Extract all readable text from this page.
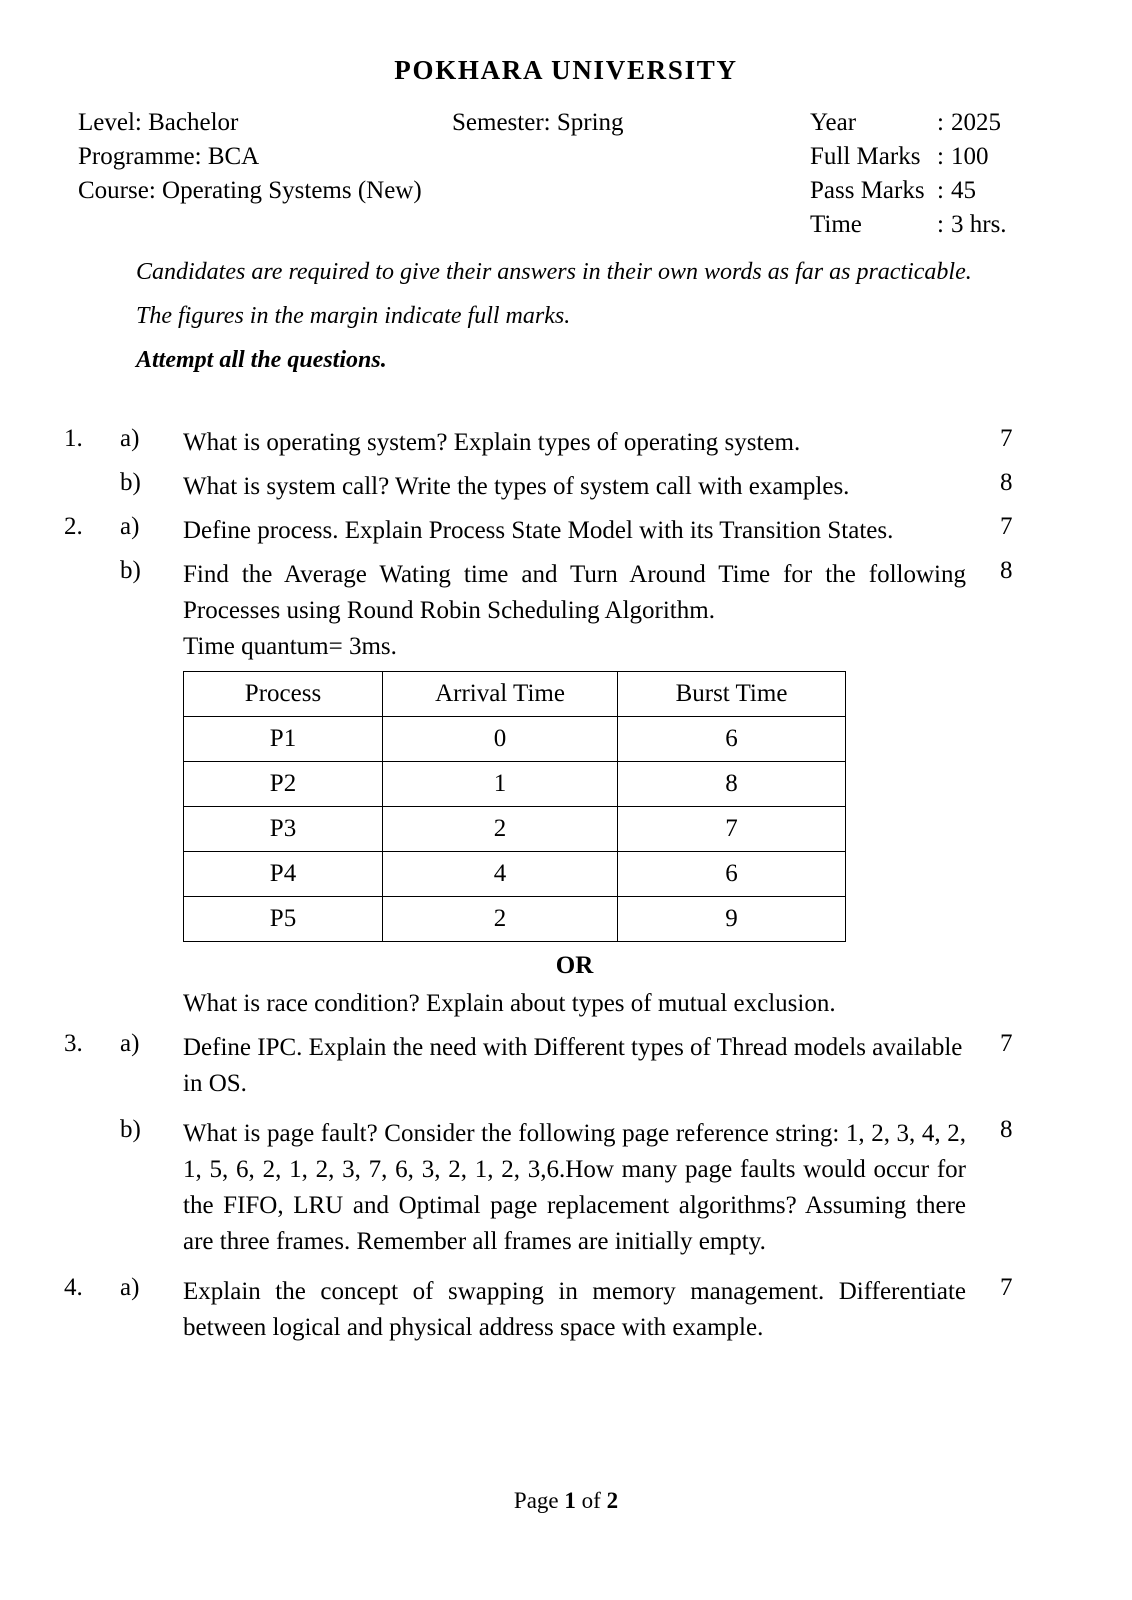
POKHARA UNIVERSITY
Level: Bachelor
Programme: BCA
Course: Operating Systems (New)
Semester: Spring	Year	: 2025
Full Marks : 100
Pass Marks : 45
Time	: 3 hrs.
Candidates are required to give their answers in their own words as far as practicable.
The figures in the margin indicate full marks.
Attempt all the questions.
1.	a)	What is operating system? Explain types of operating system.	7
b)	What is system call? Write the types of system call with examples.	8
2.	a)	Define process. Explain Process State Model with its Transition States.	7
b)	Find the Average Wating time and Turn Around Time for the following Processes using Round Robin Scheduling Algorithm.
8
Time quantum= 3ms.
Process	Arrival Time	Burst Time
P1	0	6
P2	1	8
P3	2	7
P4	4	6
P5	2	9
OR
What is race condition? Explain about types of mutual exclusion.
3.	a)	Define IPC. Explain the need with Different types of Thread models available in OS.
7
b)	What is page fault? Consider the following page reference string: 1, 2, 3, 4, 2, 1, 5, 6, 2, 1, 2, 3, 7, 6, 3, 2, 1, 2, 3,6.How many page faults would occur for the FIFO, LRU and Optimal page replacement algorithms? Assuming there are three frames. Remember all frames are initially empty.
8
4.	a)	Explain the concept of swapping in memory management. Differentiate between logical and physical address space with example.
7
Page 1 of 2
